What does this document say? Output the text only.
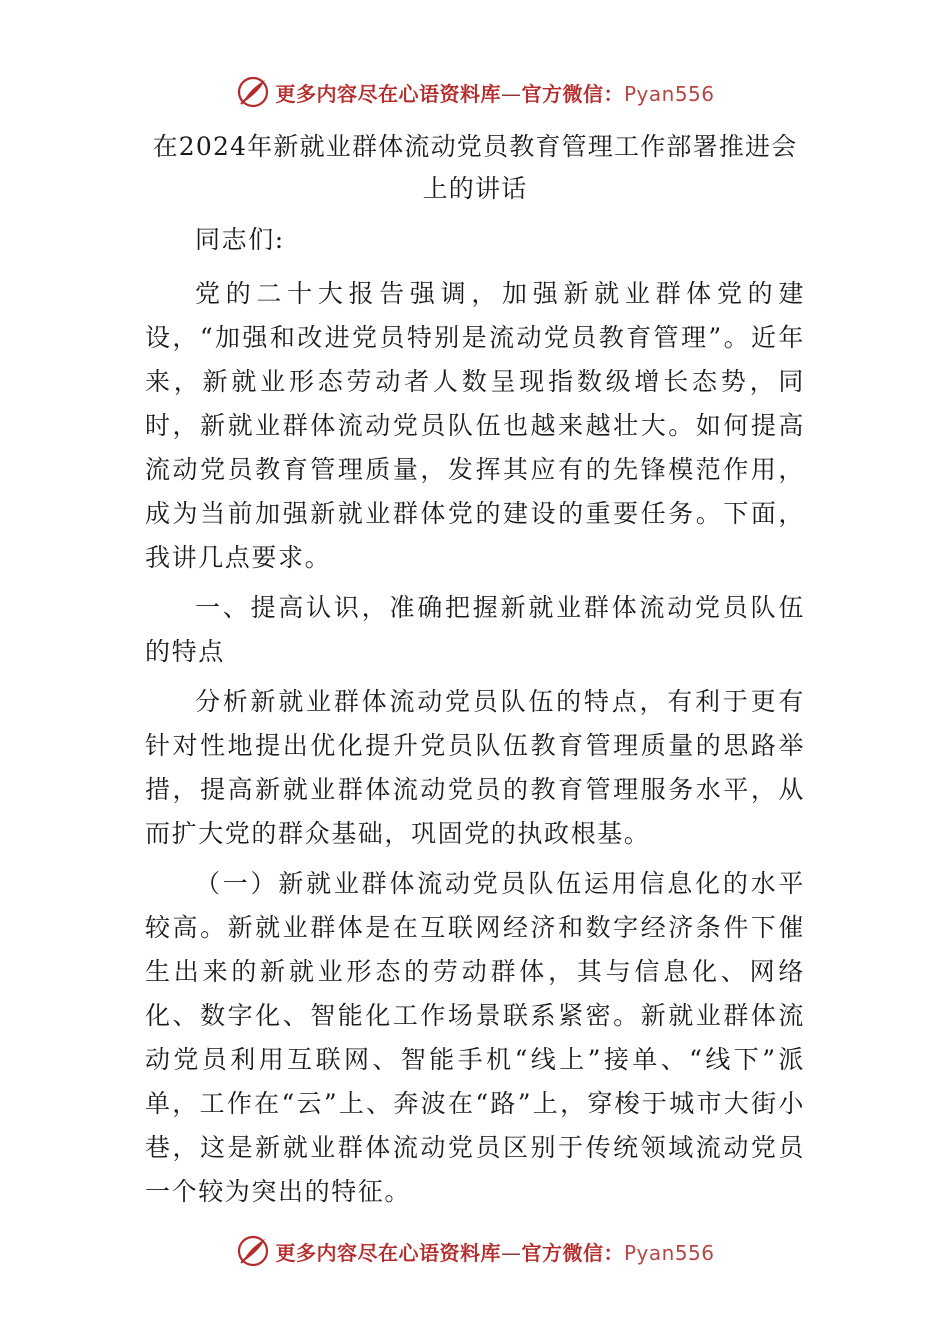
更多内容尽在心语资料库—官方微信：Pyan556
在2024年新就业群体流动党员教育管理工作部署推进会上的讲话

同志们:

党的二十大报告强调，加强新就业群体党的建设，“加强和改进党员特别是流动党员教育管理”。近年来，新就业形态劳动者人数呈现指数级增长态势，同时，新就业群体流动党员队伍也越来越壮大。如何提高流动党员教育管理质量，发挥其应有的先锋模范作用，成为当前加强新就业群体党的建设的重要任务。下面，我讲几点要求。

一、提高认识，准确把握新就业群体流动党员队伍的特点

分析新就业群体流动党员队伍的特点，有利于更有针对性地提出优化提升党员队伍教育管理质量的思路举措，提高新就业群体流动党员的教育管理服务水平，从而扩大党的群众基础，巩固党的执政根基。

（一）新就业群体流动党员队伍运用信息化的水平较高。新就业群体是在互联网经济和数字经济条件下催生出来的新就业形态的劳动群体，其与信息化、网络化、数字化、智能化工作场景联系紧密。新就业群体流动党员利用互联网、智能手机“线上”接单、“线下”派单，工作在“云”上、奔波在“路”上，穿梭于城市大街小巷，这是新就业群体流动党员区别于传统领域流动党员一个较为突出的特征。

更多内容尽在心语资料库—官方微信：Pyan556
